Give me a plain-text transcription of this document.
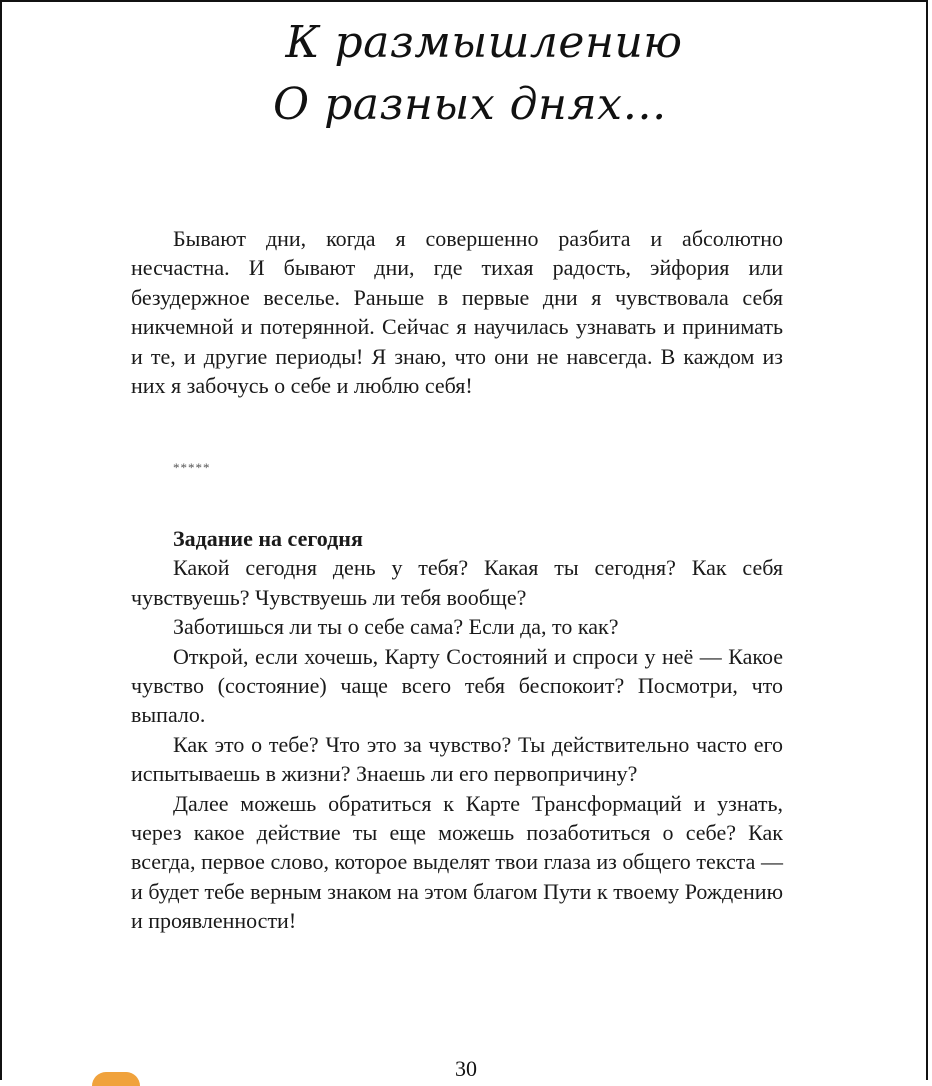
К размышлению
О разных днях…

Бывают дни, когда я совершенно разбита и абсолютно несчастна. И бывают дни, где тихая радость, эйфория или безудержное веселье. Раньше в первые дни я чувствовала себя никчемной и потерянной. Сейчас я научилась узнавать и принимать и те, и другие периоды! Я знаю, что они не навсегда. В каждом из них я забочусь о себе и люблю себя!

*****

Задание на сегодня

Какой сегодня день у тебя? Какая ты сегодня? Как себя чувствуешь? Чувствуешь ли тебя вообще?

Заботишься ли ты о себе сама? Если да, то как?

Открой, если хочешь, Карту Состояний и спроси у неё — Какое чувство (состояние) чаще всего тебя беспокоит? Посмотри, что выпало.

Как это о тебе? Что это за чувство? Ты действительно часто его испытываешь в жизни? Знаешь ли его первопричину?

Далее можешь обратиться к Карте Трансформаций и узнать, через какое действие ты еще можешь позаботиться о себе? Как всегда, первое слово, которое выделят твои глаза из общего текста — и будет тебе верным знаком на этом благом Пути к твоему Рождению и проявленности!

30
